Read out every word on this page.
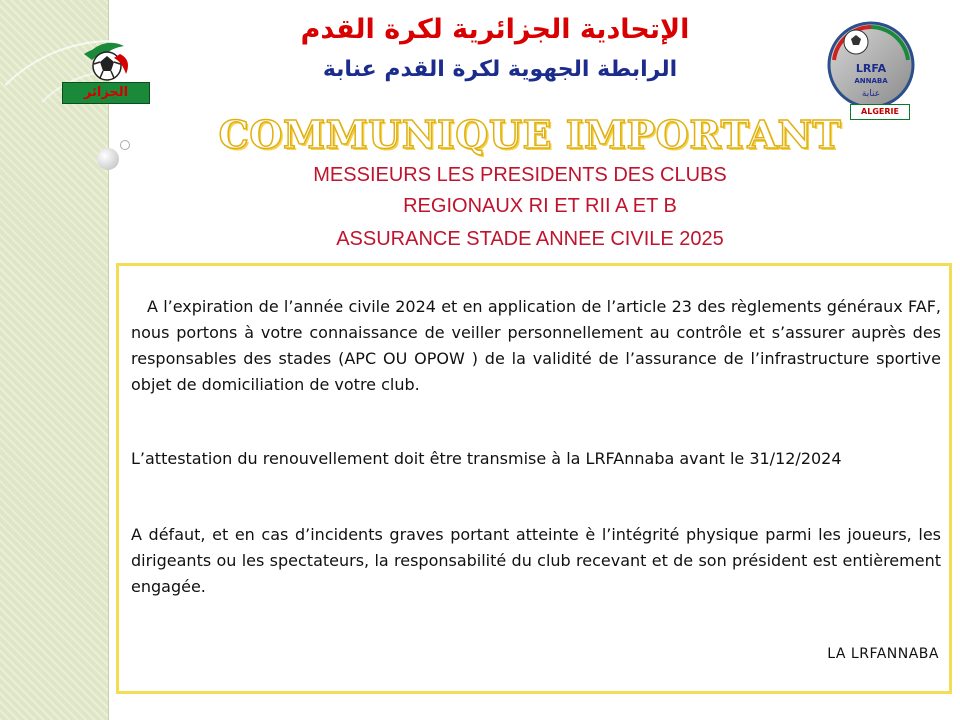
الجزائر
LRFA
ANNABA
عنابة
ALGERIE
الإتحادية الجزائرية لكرة القدم
الرابطة الجهوية لكرة القدم عنابة
COMMUNIQUE IMPORTANT
MESSIEURS LES PRESIDENTS DES CLUBS
REGIONAUX RI ET RII A ET B
ASSURANCE STADE ANNEE CIVILE 2025

A l’expiration de l’année civile 2024 et en application de l’article 23 des règlements généraux FAF, nous portons à votre connaissance de veiller personnellement au contrôle et s’assurer auprès des responsables des stades (APC OU OPOW ) de la validité de l’assurance de l’infrastructure sportive objet de domiciliation de votre club.

L’attestation du renouvellement doit être transmise à la LRFAnnaba avant le 31/12/2024

A défaut, et en cas d’incidents graves portant atteinte è l’intégrité physique parmi les joueurs, les dirigeants ou les spectateurs, la responsabilité du club recevant et de son président est entièrement engagée.

LA LRFANNABA
